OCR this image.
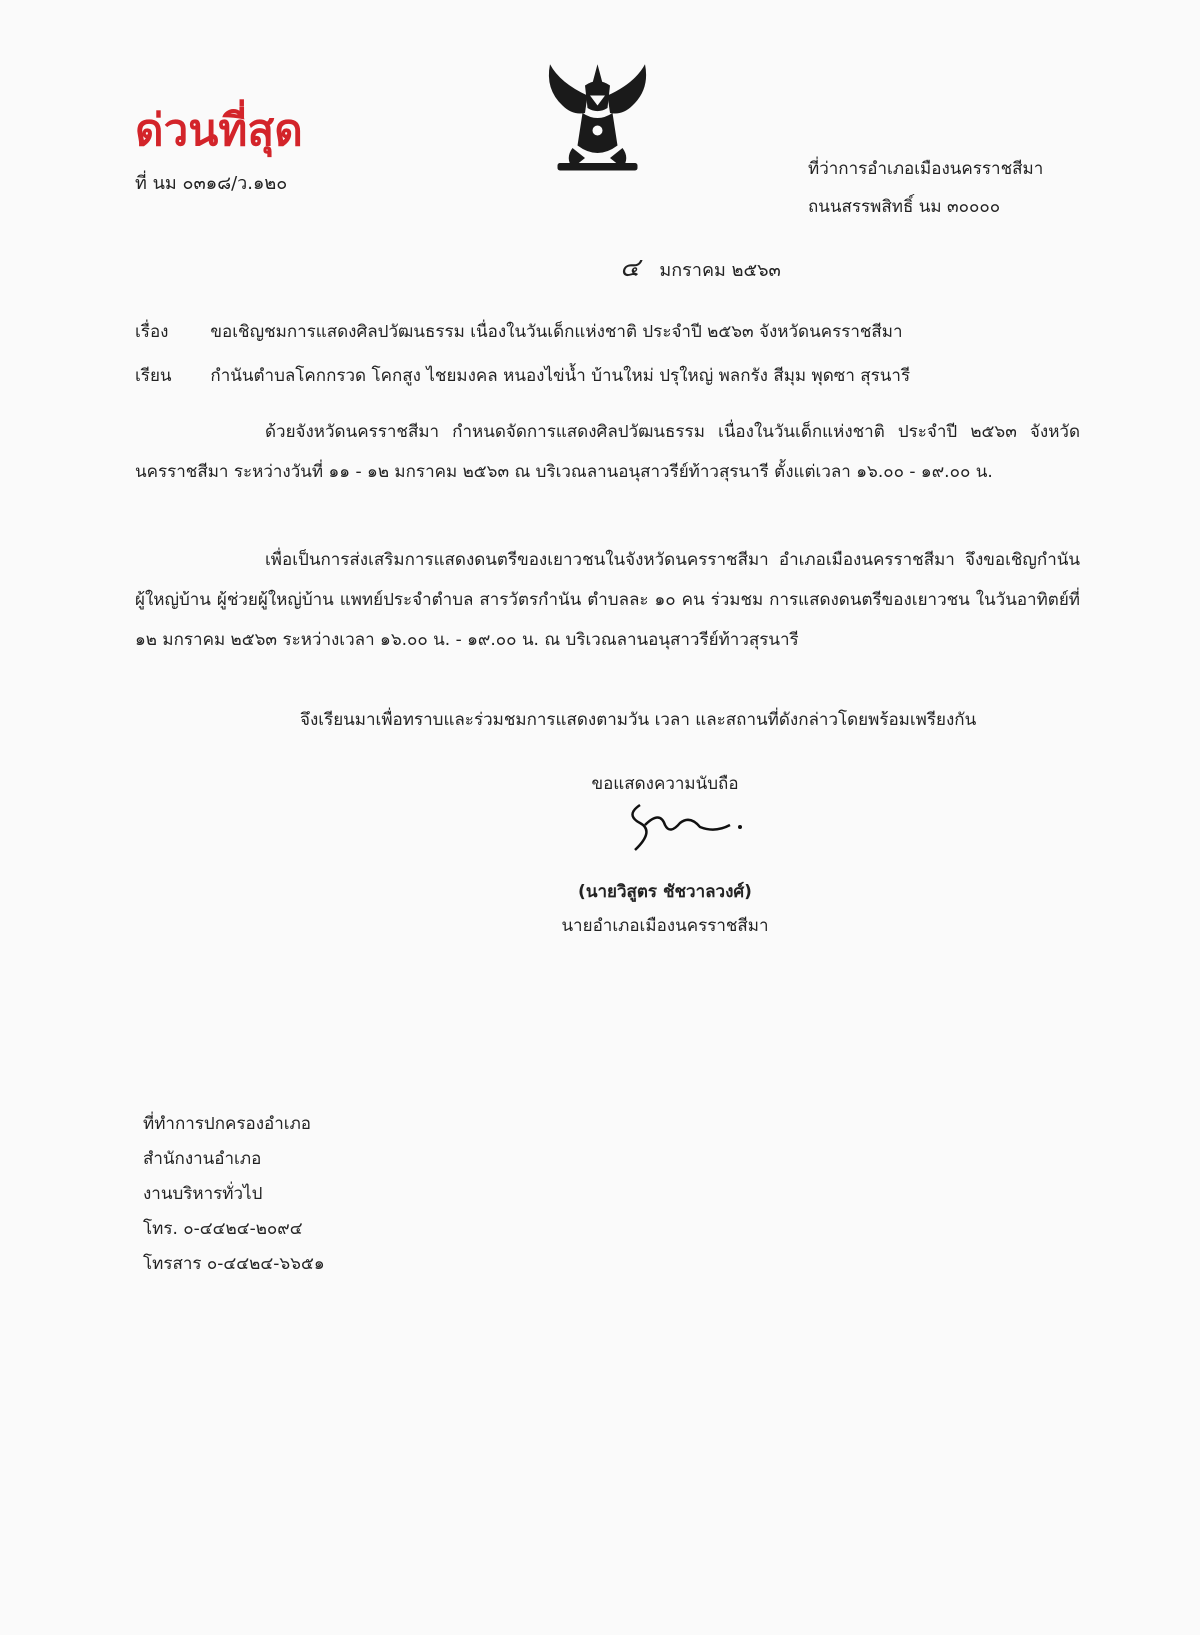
ด่วนที่สุด
ที่ นม ๐๓๑๘/ว.๑๒๐
ที่ว่าการอำเภอเมืองนครราชสีมา
ถนนสรรพสิทธิ์ นม ๓๐๐๐๐
๔ มกราคม ๒๕๖๓
เรื่อง ขอเชิญชมการแสดงศิลปวัฒนธรรม เนื่องในวันเด็กแห่งชาติ ประจำปี ๒๕๖๓ จังหวัดนครราชสีมา
เรียน กำนันตำบลโคกกรวด โคกสูง ไชยมงคล หนองไข่น้ำ บ้านใหม่ ปรุใหญ่ พลกรัง สีมุม พุดซา สุรนารี
ด้วยจังหวัดนครราชสีมา กำหนดจัดการแสดงศิลปวัฒนธรรม เนื่องในวันเด็กแห่งชาติ ประจำปี ๒๕๖๓ จังหวัดนครราชสีมา ระหว่างวันที่ ๑๑ - ๑๒ มกราคม ๒๕๖๓ ณ บริเวณลานอนุสาวรีย์ท้าวสุรนารี ตั้งแต่เวลา ๑๖.๐๐ - ๑๙.๐๐ น.
เพื่อเป็นการส่งเสริมการแสดงดนตรีของเยาวชนในจังหวัดนครราชสีมา อำเภอเมืองนครราชสีมา จึงขอเชิญกำนัน ผู้ใหญ่บ้าน ผู้ช่วยผู้ใหญ่บ้าน แพทย์ประจำตำบล สารวัตรกำนัน ตำบลละ ๑๐ คน ร่วมชม การแสดงดนตรีของเยาวชน ในวันอาทิตย์ที่ ๑๒ มกราคม ๒๕๖๓ ระหว่างเวลา ๑๖.๐๐ น. - ๑๙.๐๐ น. ณ บริเวณลานอนุสาวรีย์ท้าวสุรนารี
จึงเรียนมาเพื่อทราบและร่วมชมการแสดงตามวัน เวลา และสถานที่ดังกล่าวโดยพร้อมเพรียงกัน
ขอแสดงความนับถือ
(นายวิสูตร ชัชวาลวงศ์)
นายอำเภอเมืองนครราชสีมา
ที่ทำการปกครองอำเภอ
สำนักงานอำเภอ
งานบริหารทั่วไป
โทร. ๐-๔๔๒๔-๒๐๙๔
โทรสาร ๐-๔๔๒๔-๖๖๕๑
